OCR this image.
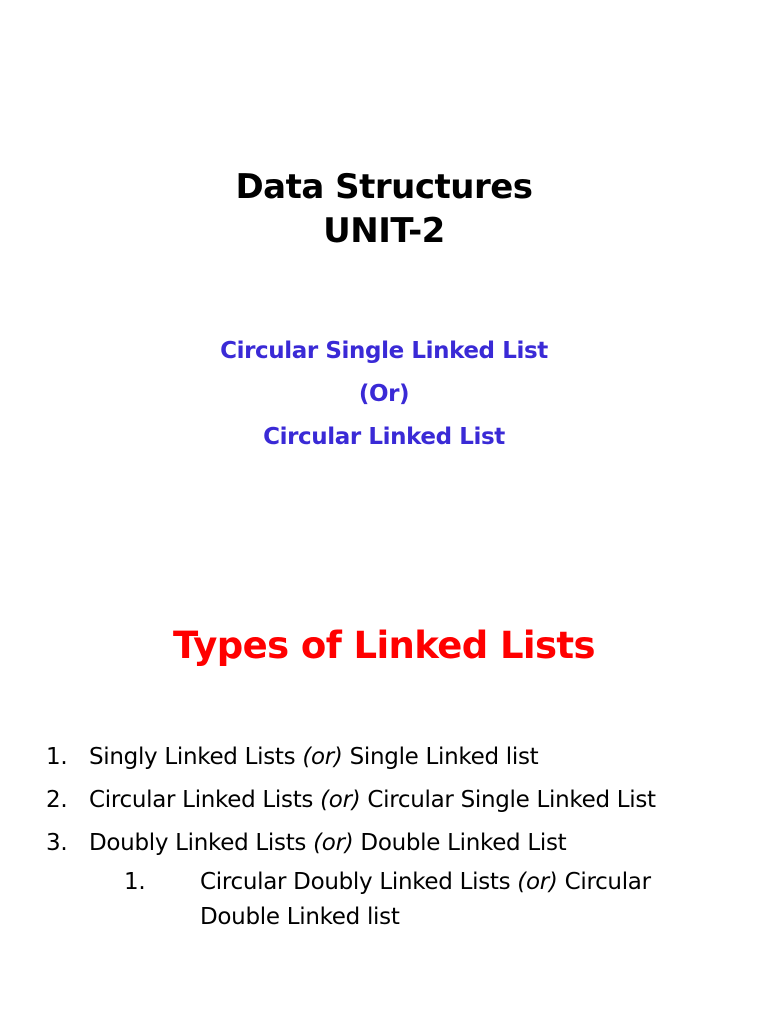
Data Structures

UNIT-2

Circular Single Linked List

(Or)

Circular Linked List

Types of Linked Lists

1. Singly Linked Lists (or) Single Linked list
2. Circular Linked Lists (or) Circular Single Linked List
3. Doubly Linked Lists (or) Double Linked List
1. Circular Doubly Linked Lists (or) Circular Double Linked list
